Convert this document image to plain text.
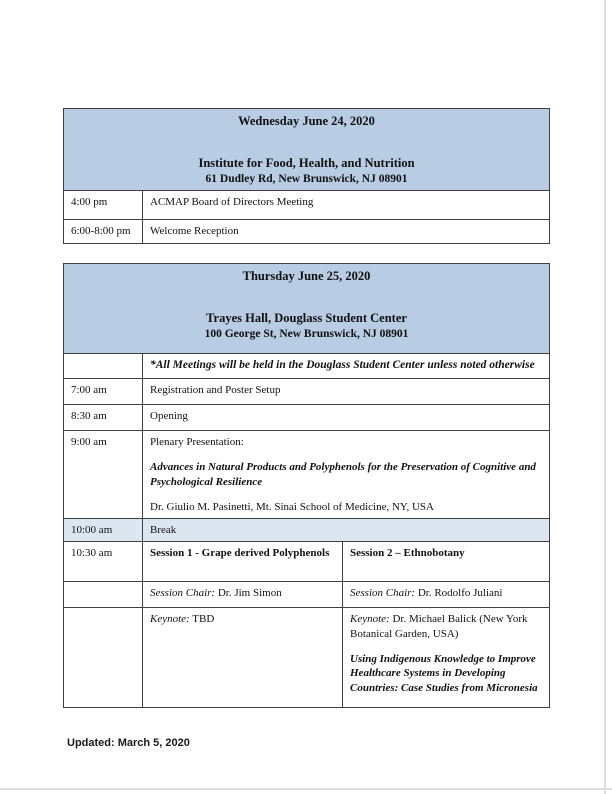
Wednesday June 24, 2020

Institute for Food, Health, and Nutrition

61 Dudley Rd, New Brunswick, NJ 08901	

4:00 pm	ACMAP Board of Directors Meeting
6:00-8:00 pm	Welcome Reception

Thursday June 25, 2020

Trayes Hall, Douglass Student Center

100 George St, New Brunswick, NJ 08901		

	*All Meetings will be held in the Douglass Student Center unless noted otherwise	
7:00 am	Registration and Poster Setup	
8:30 am	Opening	
9:00 am	Plenary Presentation:

Advances in Natural Products and Polyphenols for the Preservation of Cognitive and Psychological Resilience

Dr. Giulio M. Pasinetti, Mt. Sinai School of Medicine, NY, USA	

10:00 am	Break	
10:30 am	Session 1 - Grape derived Polyphenols	Session 2 – Ethnobotany
	Session Chair: Dr. Jim Simon	Session Chair: Dr. Rodolfo Juliani

	Keynote: TBD	Keynote: Dr. Michael Balick (New York Botanical Garden, USA)

Using Indigenous Knowledge to Improve Healthcare Systems in Developing Countries: Case Studies from Micronesia

Updated: March 5, 2020
